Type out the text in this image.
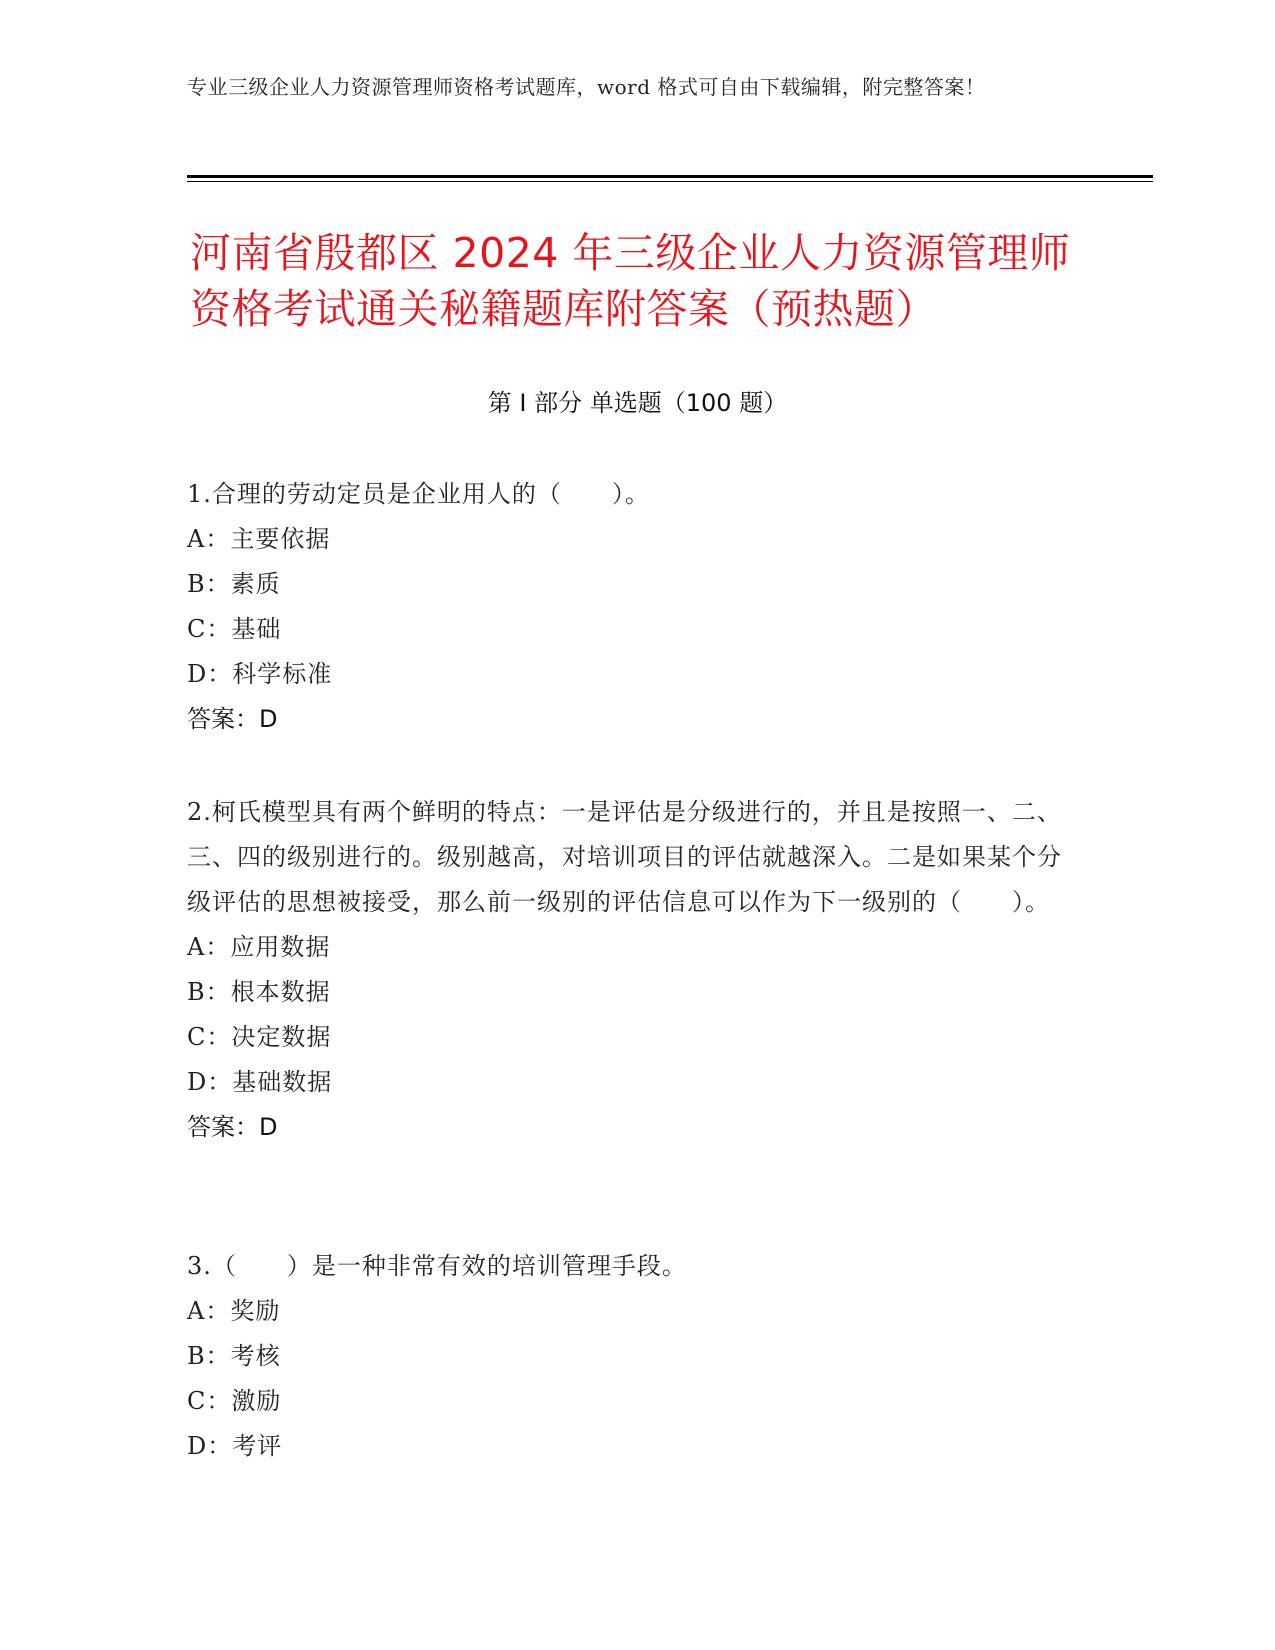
专业三级企业人力资源管理师资格考试题库，word 格式可自由下载编辑，附完整答案！
河南省殷都区 2024 年三级企业人力资源管理师资格考试通关秘籍题库附答案（预热题）
第 I 部分 单选题（100 题）
1.合理的劳动定员是企业用人的（　　）。
A：主要依据
B：素质
C：基础
D：科学标准
答案：D
2.柯氏模型具有两个鲜明的特点：一是评估是分级进行的，并且是按照一、二、三、四的级别进行的。级别越高，对培训项目的评估就越深入。二是如果某个分级评估的思想被接受，那么前一级别的评估信息可以作为下一级别的（　　）。
A：应用数据
B：根本数据
C：决定数据
D：基础数据
答案：D
3.（　　）是一种非常有效的培训管理手段。
A：奖励
B：考核
C：激励
D：考评
